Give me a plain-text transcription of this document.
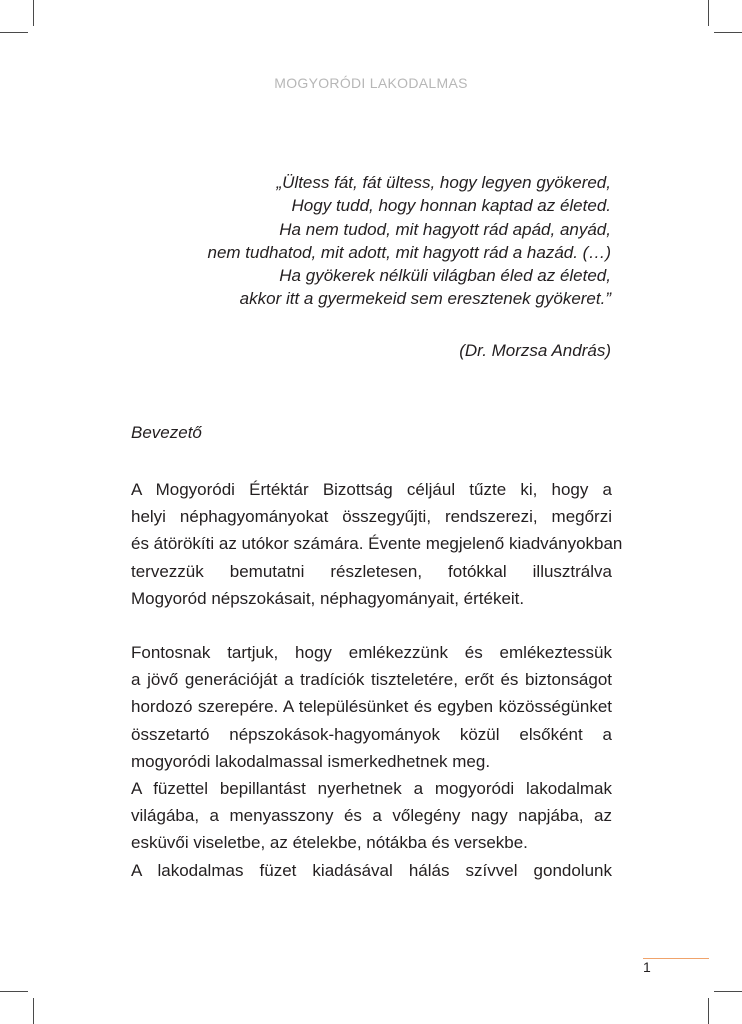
MOGYORÓDI LAKODALMAS
„Ültess fát, fát ültess, hogy legyen gyökered,
Hogy tudd, hogy honnan kaptad az életed.
Ha nem tudod, mit hagyott rád apád, anyád,
nem tudhatod, mit adott, mit hagyott rád a hazád. (…)
Ha gyökerek nélküli világban éled az életed,
akkor itt a gyermekeid sem eresztenek gyökeret.”
(Dr. Morzsa András)
Bevezető
A Mogyoródi Értéktár Bizottság céljául tűzte ki, hogy a
helyi néphagyományokat összegyűjti, rendszerezi, megőrzi
és átörökíti az utókor számára. Évente megjelenő kiadványokban
tervezzük bemutatni részletesen, fotókkal illusztrálva
Mogyoród népszokásait, néphagyományait, értékeit.
Fontosnak tartjuk, hogy emlékezzünk és emlékeztessük
a jövő generációját a tradíciók tiszteletére, erőt és biztonságot
hordozó szerepére. A településünket és egyben közösségünket
összetartó népszokások-hagyományok közül elsőként a
mogyoródi lakodalmassal ismerkedhetnek meg.
A füzettel bepillantást nyerhetnek a mogyoródi lakodalmak
világába, a menyasszony és a vőlegény nagy napjába, az
esküvői viseletbe, az ételekbe, nótákba és versekbe.
A lakodalmas füzet kiadásával hálás szívvel gondolunk
1
